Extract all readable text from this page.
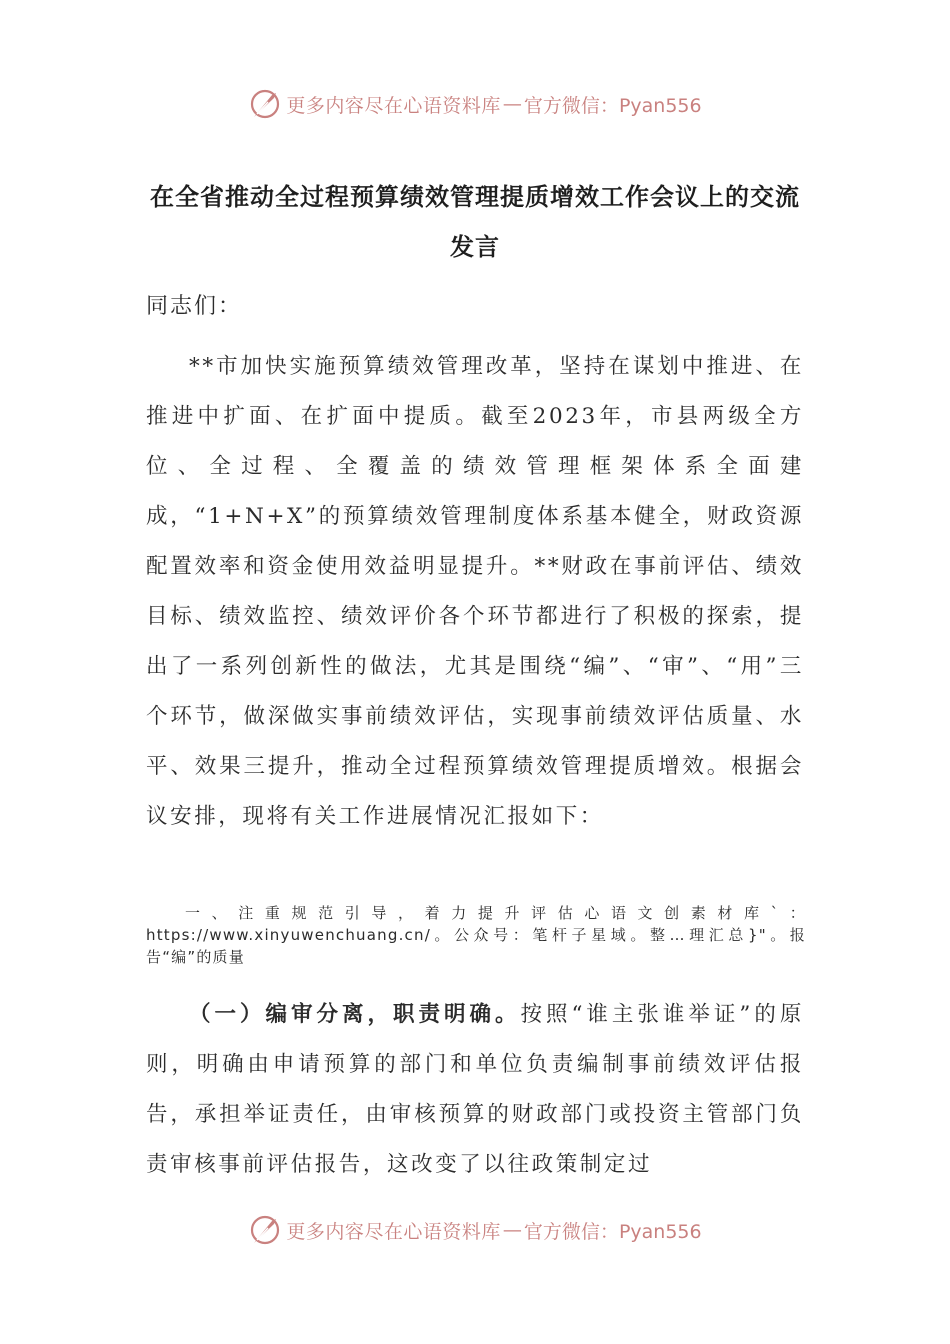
更多内容尽在心语资料库 — 官方微信：Pyan556
在全省推动全过程预算绩效管理提质增效工作会议上的交流发言
同志们：

**市加快实施预算绩效管理改革，坚持在谋划中推进、在推进中扩面、在扩面中提质。截至2023年，市县两级全方位、全过程、全覆盖的绩效管理框架体系全面建成，“1+N+X”的预算绩效管理制度体系基本健全，财政资源配置效率和资金使用效益明显提升。**财政在事前评估、绩效目标、绩效监控、绩效评价各个环节都进行了积极的探索，提出了一系列创新性的做法，尤其是围绕“编”、“审”、“用”三个环节，做深做实事前绩效评估，实现事前绩效评估质量、水平、效果三提升，推动全过程预算绩效管理提质增效。根据会议安排，现将有关工作进展情况汇报如下：

一、注重规范引导，着力提升评估心语文创素材库`：https://www.xinyuwenchuang.cn/。公众号：笔杆子星域。整…理汇总}"。报告“编”的质量

（一）编审分离，职责明确。按照“谁主张谁举证”的原则，明确由申请预算的部门和单位负责编制事前绩效评估报告，承担举证责任，由审核预算的财政部门或投资主管部门负责审核事前评估报告，这改变了以往政策制定过

更多内容尽在心语资料库 — 官方微信：Pyan556
